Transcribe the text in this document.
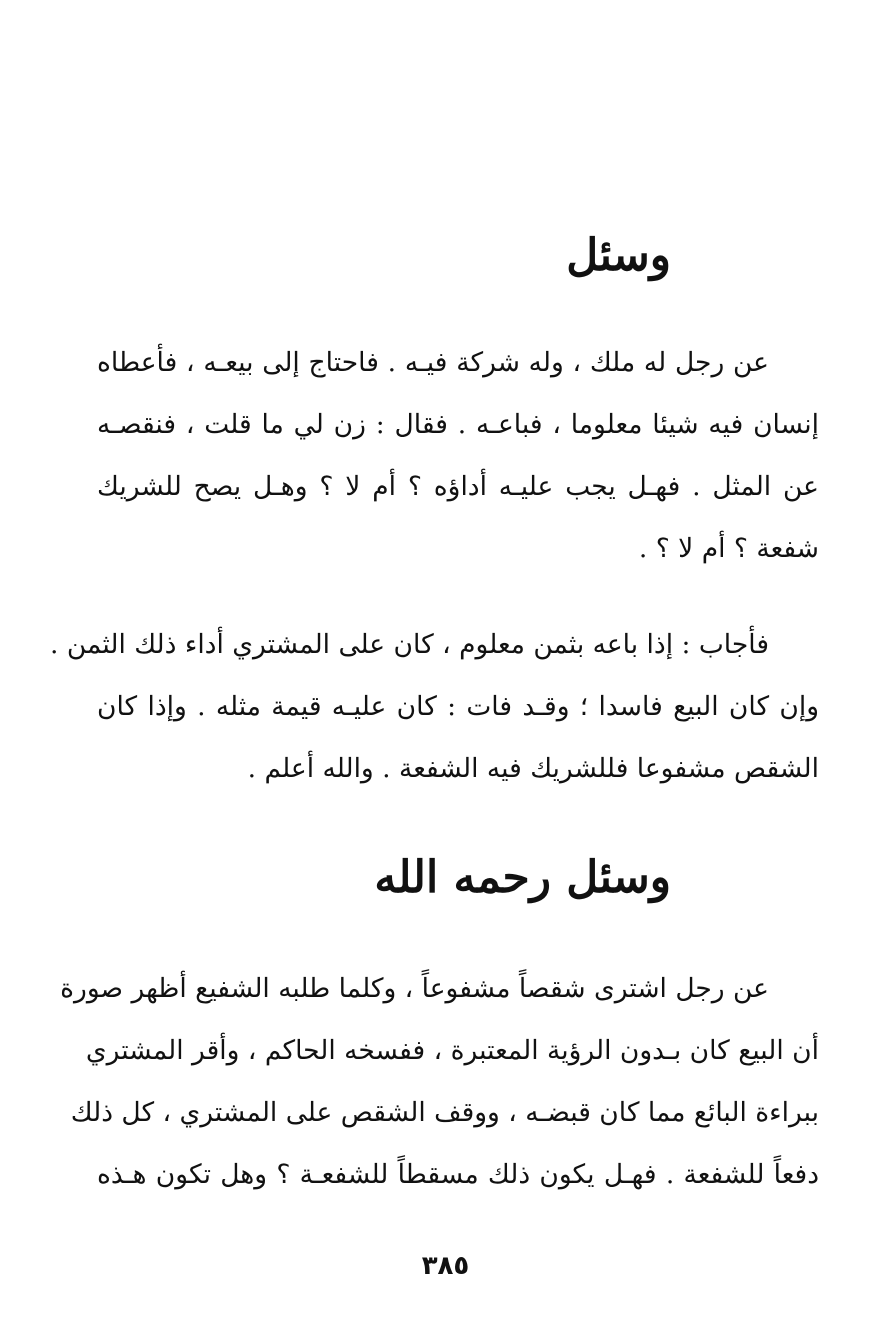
وسئل
عن رجل له ملك ، وله شركة فيـه . فاحتاج إلى بيعـه ، فأعطاه
إنسان فيه شيئا معلوما ، فباعـه . فقال : زن لي ما قلت ، فنقصـه
عن المثل . فهـل يجب عليـه أداؤه ؟ أم لا ؟ وهـل يصح للشريك
شفعة ؟ أم لا ؟ .
فأجاب : إذا باعه بثمن معلوم ، كان على المشتري أداء ذلك الثمن .
وإن كان البيع فاسدا ؛ وقـد فات : كان عليـه قيمة مثله . وإذا كان
الشقص مشفوعا فللشريك فيه الشفعة . والله أعلم .
وسئل رحمه الله
عن رجل اشترى شقصاً مشفوعاً ، وكلما طلبه الشفيع أظهر صورة
أن البيع كان بـدون الرؤية المعتبرة ، ففسخه الحاكم ، وأقر المشتري
ببراءة البائع مما كان قبضـه ، ووقف الشقص على المشتري ، كل ذلك
دفعاً للشفعة . فهـل يكون ذلك مسقطاً للشفعـة ؟ وهل تكون هـذه
٣٨٥
